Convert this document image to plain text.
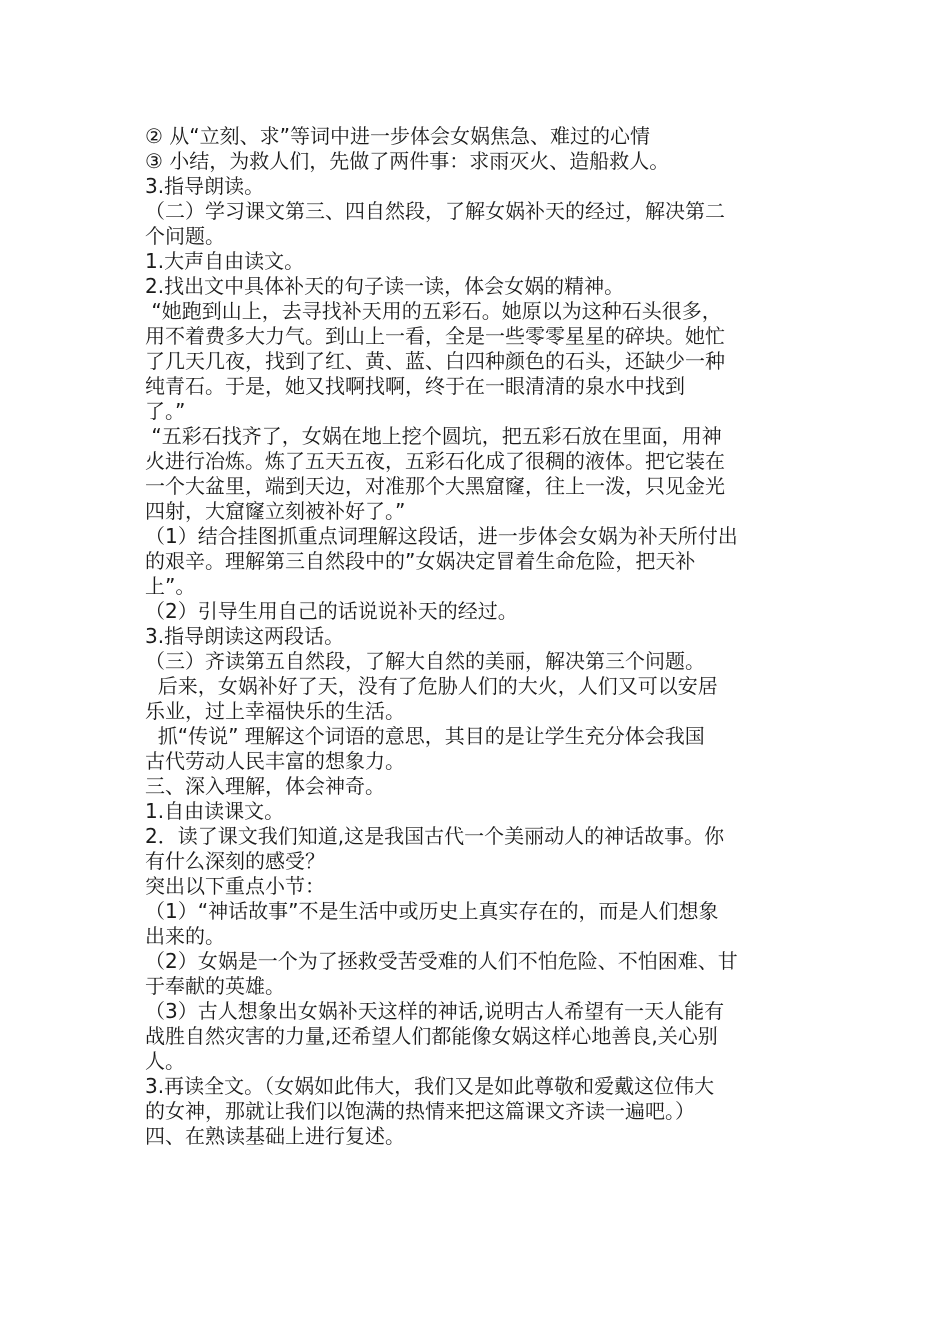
② 从“立刻、求”等词中进一步体会女娲焦急、难过的心情

③ 小结，为救人们，先做了两件事：求雨灭火、造船救人。

3.指导朗读。

（二）学习课文第三、四自然段，了解女娲补天的经过，解决第二

个问题。

1.大声自由读文。

2.找出文中具体补天的句子读一读，体会女娲的精神。

“她跑到山上，去寻找补天用的五彩石。她原以为这种石头很多，

用不着费多大力气。到山上一看，全是一些零零星星的碎块。她忙

了几天几夜，找到了红、黄、蓝、白四种颜色的石头，还缺少一种

纯青石。于是，她又找啊找啊，终于在一眼清清的泉水中找到

了。”

“五彩石找齐了，女娲在地上挖个圆坑，把五彩石放在里面，用神

火进行冶炼。炼了五天五夜，五彩石化成了很稠的液体。把它装在

一个大盆里，端到天边，对准那个大黑窟窿，往上一泼，只见金光

四射，大窟窿立刻被补好了。”

（1）结合挂图抓重点词理解这段话，进一步体会女娲为补天所付出

的艰辛。理解第三自然段中的”女娲决定冒着生命危险，把天补

上”。

（2）引导生用自己的话说说补天的经过。

3.指导朗读这两段话。

（三）齐读第五自然段，了解大自然的美丽，解决第三个问题。

后来，女娲补好了天，没有了危胁人们的大火，人们又可以安居

乐业，过上幸福快乐的生活。

抓“传说” 理解这个词语的意思，其目的是让学生充分体会我国

古代劳动人民丰富的想象力。

三、深入理解，体会神奇。

1.自由读课文。

2．读了课文我们知道,这是我国古代一个美丽动人的神话故事。你

有什么深刻的感受？

突出以下重点小节：

（1）“神话故事”不是生活中或历史上真实存在的，而是人们想象

出来的。

（2）女娲是一个为了拯救受苦受难的人们不怕危险、不怕困难、甘

于奉献的英雄。

（3）古人想象出女娲补天这样的神话,说明古人希望有一天人能有

战胜自然灾害的力量,还希望人们都能像女娲这样心地善良,关心别

人。

3.再读全文。（女娲如此伟大，我们又是如此尊敬和爱戴这位伟大

的女神，那就让我们以饱满的热情来把这篇课文齐读一遍吧。）

四、在熟读基础上进行复述。
